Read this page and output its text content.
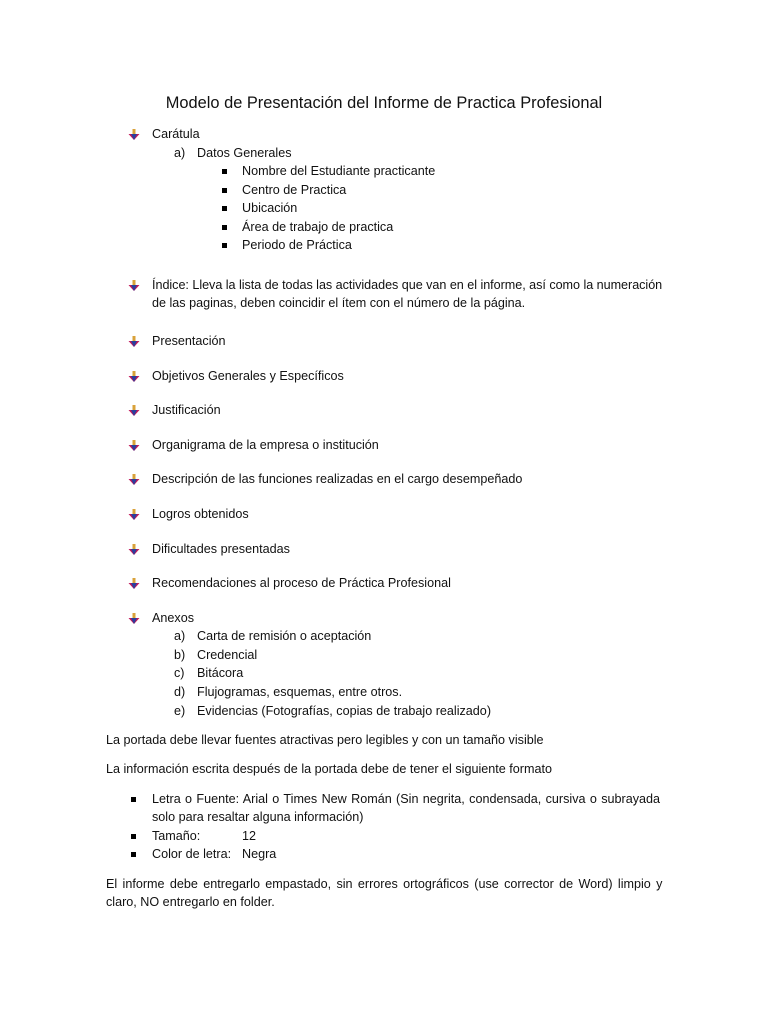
Modelo de Presentación del Informe de Practica Profesional
Carátula
a) Datos Generales
Nombre del Estudiante practicante
Centro de Practica
Ubicación
Área de trabajo de practica
Periodo de Práctica
Índice: Lleva la lista de todas las actividades que van en el informe, así como la numeración
de las paginas, deben coincidir el ítem con el número de la página.
Presentación
Objetivos Generales y Específicos
Justificación
Organigrama de la empresa o institución
Descripción de las funciones realizadas en el cargo desempeñado
Logros obtenidos
Dificultades presentadas
Recomendaciones al proceso de Práctica Profesional
Anexos
a) Carta de remisión o aceptación
b) Credencial
c) Bitácora
d) Flujogramas, esquemas, entre otros.
e) Evidencias (Fotografías, copias de trabajo realizado)
La portada debe llevar fuentes atractivas pero legibles y con un tamaño visible
La información escrita después de la portada debe de tener el siguiente formato
Letra o Fuente: Arial o Times New Román (Sin negrita, condensada, cursiva o subrayada
solo para resaltar alguna información)
Tamaño:	12
Color de letra: Negra
El informe debe entregarlo empastado, sin errores ortográficos (use corrector de Word) limpio y
claro, NO entregarlo en folder.
